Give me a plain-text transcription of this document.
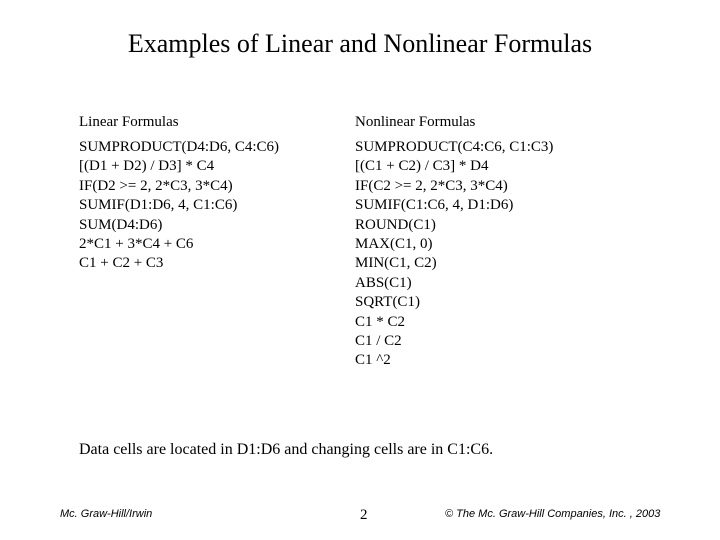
Examples of Linear and Nonlinear Formulas
Linear Formulas
SUMPRODUCT(D4:D6, C4:C6)
[(D1 + D2) / D3] * C4
IF(D2 >= 2, 2*C3, 3*C4)
SUMIF(D1:D6, 4, C1:C6)
SUM(D4:D6)
2*C1 + 3*C4 + C6
C1 + C2 + C3
Nonlinear Formulas
SUMPRODUCT(C4:C6, C1:C3)
[(C1 + C2) / C3] * D4
IF(C2 >= 2, 2*C3, 3*C4)
SUMIF(C1:C6, 4, D1:D6)
ROUND(C1)
MAX(C1, 0)
MIN(C1, C2)
ABS(C1)
SQRT(C1)
C1 * C2
C1 / C2
C1 ^2
Data cells are located in D1:D6 and changing cells are in C1:C6.
Mc. Graw-Hill/Irwin	2	© The Mc. Graw-Hill Companies, Inc. , 2003
